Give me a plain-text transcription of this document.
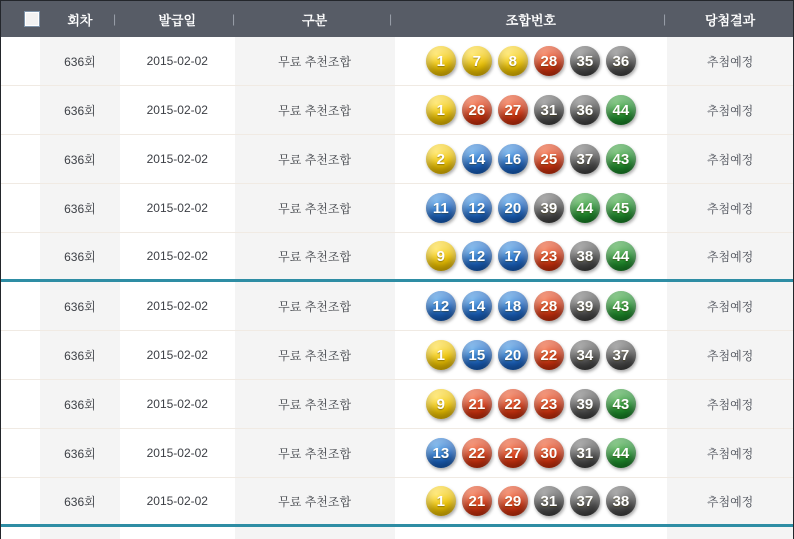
회차	발급일	구분	조합번호	당첨결과
|	|	|	|
636회	2015-02-02	무료 추천조합	1	7	8	28	35	36	추첨예정
636회	2015-02-02	무료 추천조합	1	26	27	31	36	44	추첨예정
636회	2015-02-02	무료 추천조합	2	14	16	25	37	43	추첨예정
636회	2015-02-02	무료 추천조합	11	12	20	39	44	45	추첨예정
636회	2015-02-02	무료 추천조합	9	12	17	23	38	44	추첨예정
636회	2015-02-02	무료 추천조합	12	14	18	28	39	43	추첨예정
636회	2015-02-02	무료 추천조합	1	15	20	22	34	37	추첨예정
636회	2015-02-02	무료 추천조합	9	21	22	23	39	43	추첨예정
636회	2015-02-02	무료 추천조합	13	22	27	30	31	44	추첨예정
636회	2015-02-02	무료 추천조합	1	21	29	31	37	38	추첨예정
